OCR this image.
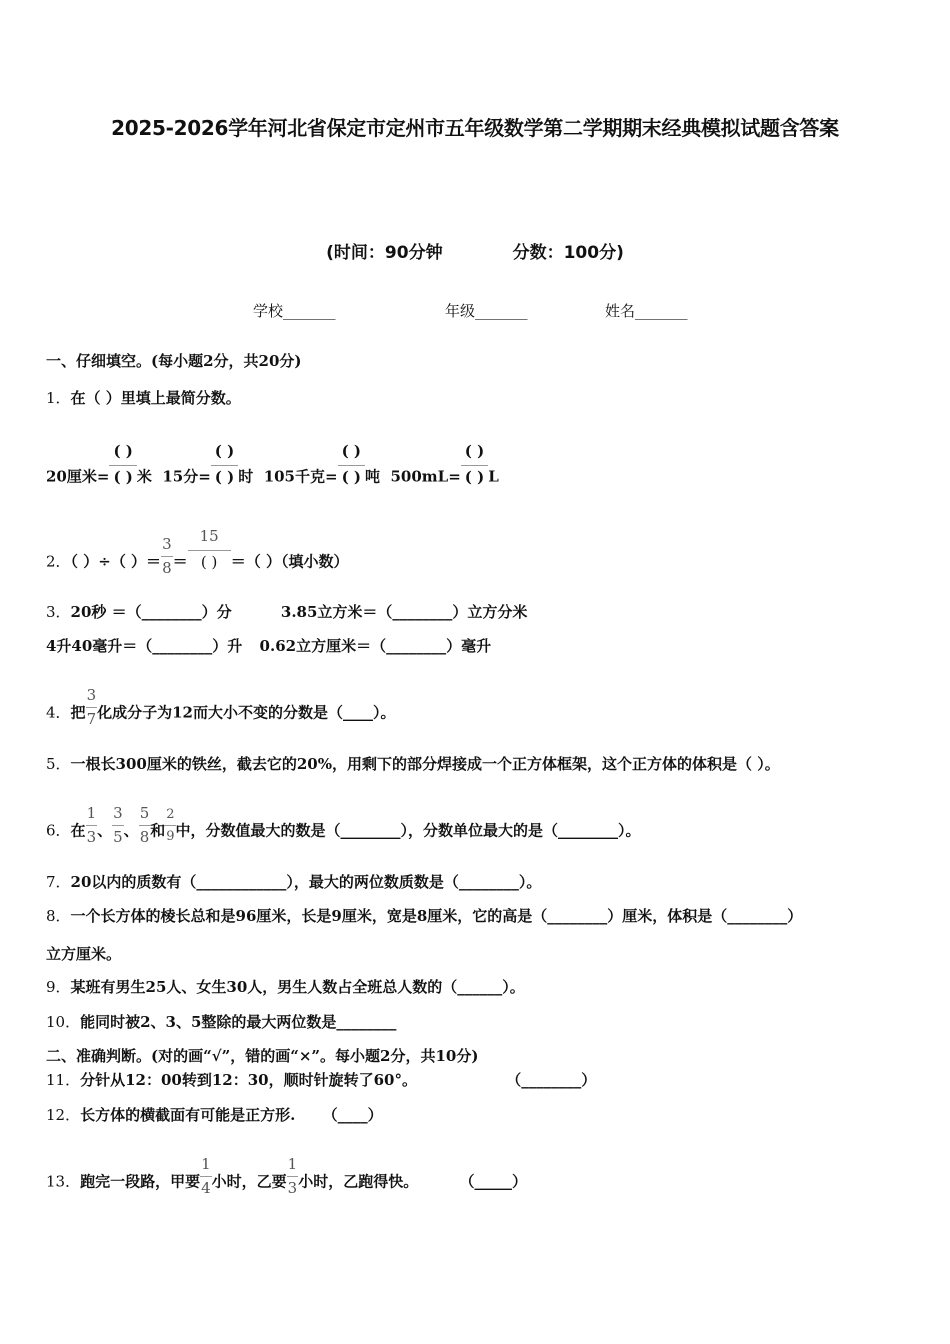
2025-2026学年河北省保定市定州市五年级数学第二学期期末经典模拟试题含答案
(时间：90分钟	分数：100分)
学校_______	年级_______	姓名_______
一、仔细填空。(每小题2分，共20分)
1．在（ ）里填上最简分数。
20厘米= $\frac{( )}{( )}$ 米 15分= $\frac{( )}{( )}$ 时 105千克= $\frac{( )}{( )}$ 吨 $500mL= \frac{( )}{( )}$ L
2．（ ）÷（ ）＝ $\frac{3}{8} = \frac{15}{( )}$ ＝（ ）（填小数）
3．20秒 ＝（________）分	3.85立方米＝（________）立方分米
4升40毫升＝（________）升 0.62立方厘米＝（________）毫升
4．把 $\frac{3}{7}$ 化成分子为12而大小不变的分数是（____）。
5．一根长300厘米的铁丝，截去它的20%，用剩下的部分焊接成一个正方体框架，这个正方体的体积是（ ）。
6．在 $\frac{1}{3}$ 、 $\frac{3}{5}$ 、 $\frac{5}{8}$ 和 $\frac{2}{9}$ 中，分数值最大的数是（________），分数单位最大的是（________）。
7．20以内的质数有（____________），最大的两位数质数是（________）。
8．一个长方体的棱长总和是96厘米，长是9厘米，宽是8厘米，它的高是（________）厘米，体积是（________）
立方厘米。
9．某班有男生25人、女生30人，男生人数占全班总人数的（______）。
10．能同时被2、3、5整除的最大两位数是________
二、准确判断。(对的画“√”，错的画“×”。每小题2分，共10分)
11．分针从12：00转到12：30，顺时针旋转了60°。	（________）
12．长方体的横截面有可能是正方形. （____）
13．跑完一段路，甲要 $\frac{1}{4}$ 小时，乙要 $\frac{1}{3}$ 小时，乙跑得快。	（_____）
